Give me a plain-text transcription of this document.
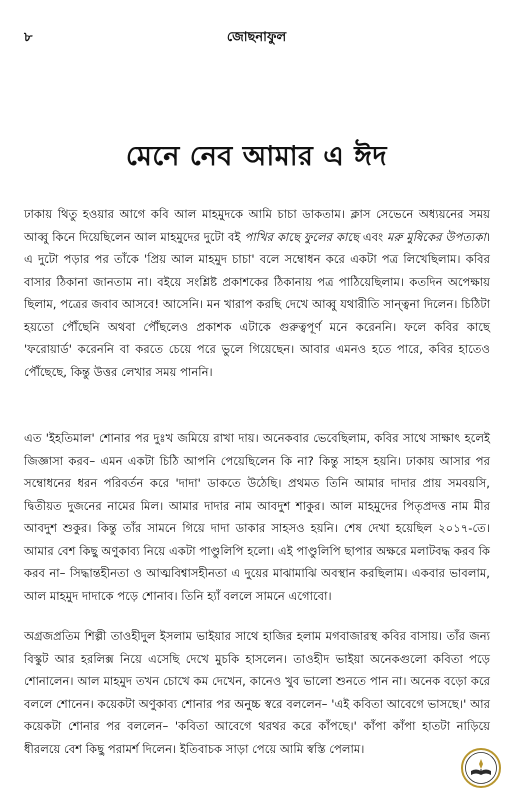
৮	জোছনাফুল
মেনে নেব আমার এ ঈদ
ঢাকায় থিতু হওয়ার আগে কবি আল মাহমুদকে আমি চাচা ডাকতাম। ক্লাস সেভেনে অধ্যয়নের সময় আব্বু কিনে দিয়েছিলেন আল মাহমুদের দুটো বই পাখির কাছে ফুলের কাছে এবং মরু মুষিকের উপত্যকা। এ দুটো পড়ার পর তাঁকে 'প্রিয় আল মাহমুদ চাচা' বলে সম্বোধন করে একটা পত্র লিখেছিলাম। কবির বাসার ঠিকানা জানতাম না। বইয়ে সংশ্লিষ্ট প্রকাশকের ঠিকানায় পত্র পাঠিয়েছিলাম। কতদিন অপেক্ষায় ছিলাম, পত্রের জবাব আসবে! আসেনি। মন খারাপ করছি দেখে আব্বু যথারীতি সান্ত্বনা দিলেন। চিঠিটা হয়তো পৌঁছেনি অথবা পৌঁছলেও প্রকাশক এটাকে গুরুত্বপূর্ণ মনে করেননি। ফলে কবির কাছে 'ফরোয়ার্ড' করেননি বা করতে চেয়ে পরে ভুলে গিয়েছেন। আবার এমনও হতে পারে, কবির হাতেও পৌঁছেছে, কিন্তু উত্তর লেখার সময় পাননি।
এত 'ইহতিমাল' শোনার পর দুঃখ জমিয়ে রাখা দায়। অনেকবার ভেবেছিলাম, কবির সাথে সাক্ষাৎ হলেই জিজ্ঞাসা করব– এমন একটা চিঠি আপনি পেয়েছিলেন কি না? কিন্তু সাহস হয়নি। ঢাকায় আসার পর সম্বোধনের ধরন পরিবর্তন করে 'দাদা' ডাকতে উঠেছি। প্রথমত তিনি আমার দাদার প্রায় সমবয়সি, দ্বিতীয়ত দুজনের নামের মিল। আমার দাদার নাম আবদুশ শাকুর। আল মাহমুদের পিতৃপ্রদত্ত নাম মীর আবদুশ শুকুর। কিন্তু তাঁর সামনে গিয়ে দাদা ডাকার সাহসও হয়নি। শেষ দেখা হয়েছিল ২০১৭-তে। আমার বেশ কিছু অণুকাব্য নিয়ে একটা পাণ্ডুলিপি হলো। এই পাণ্ডুলিপি ছাপার অক্ষরে মলাটবদ্ধ করব কি করব না– সিদ্ধান্তহীনতা ও আত্মবিশ্বাসহীনতা এ দুয়ের মাঝামাঝি অবস্থান করছিলাম। একবার ভাবলাম, আল মাহমুদ দাদাকে পড়ে শোনাব। তিনি হ্যাঁ বললে সামনে এগোবো।
অগ্রজপ্রতিম শিল্পী তাওহীদুল ইসলাম ভাইয়ার সাথে হাজির হলাম মগবাজারস্থ কবির বাসায়। তাঁর জন্য বিস্কুট আর হরলিক্স নিয়ে এসেছি দেখে মুচকি হাসলেন। তাওহীদ ভাইয়া অনেকগুলো কবিতা পড়ে শোনালেন। আল মাহমুদ তখন চোখে কম দেখেন, কানেও খুব ভালো শুনতে পান না। অনেক বড়ো করে বললে শোনেন। কয়েকটা অণুকাব্য শোনার পর অনুচ্চ স্বরে বললেন– 'এই কবিতা আবেগে ভাসছে।' আর কয়েকটা শোনার পর বললেন– 'কবিতা আবেগে থরথর করে কাঁপছে।' কাঁপা কাঁপা হাতটা নাড়িয়ে ধীরলয়ে বেশ কিছু পরামর্শ দিলেন। ইতিবাচক সাড়া পেয়ে আমি স্বস্তি পেলাম।
